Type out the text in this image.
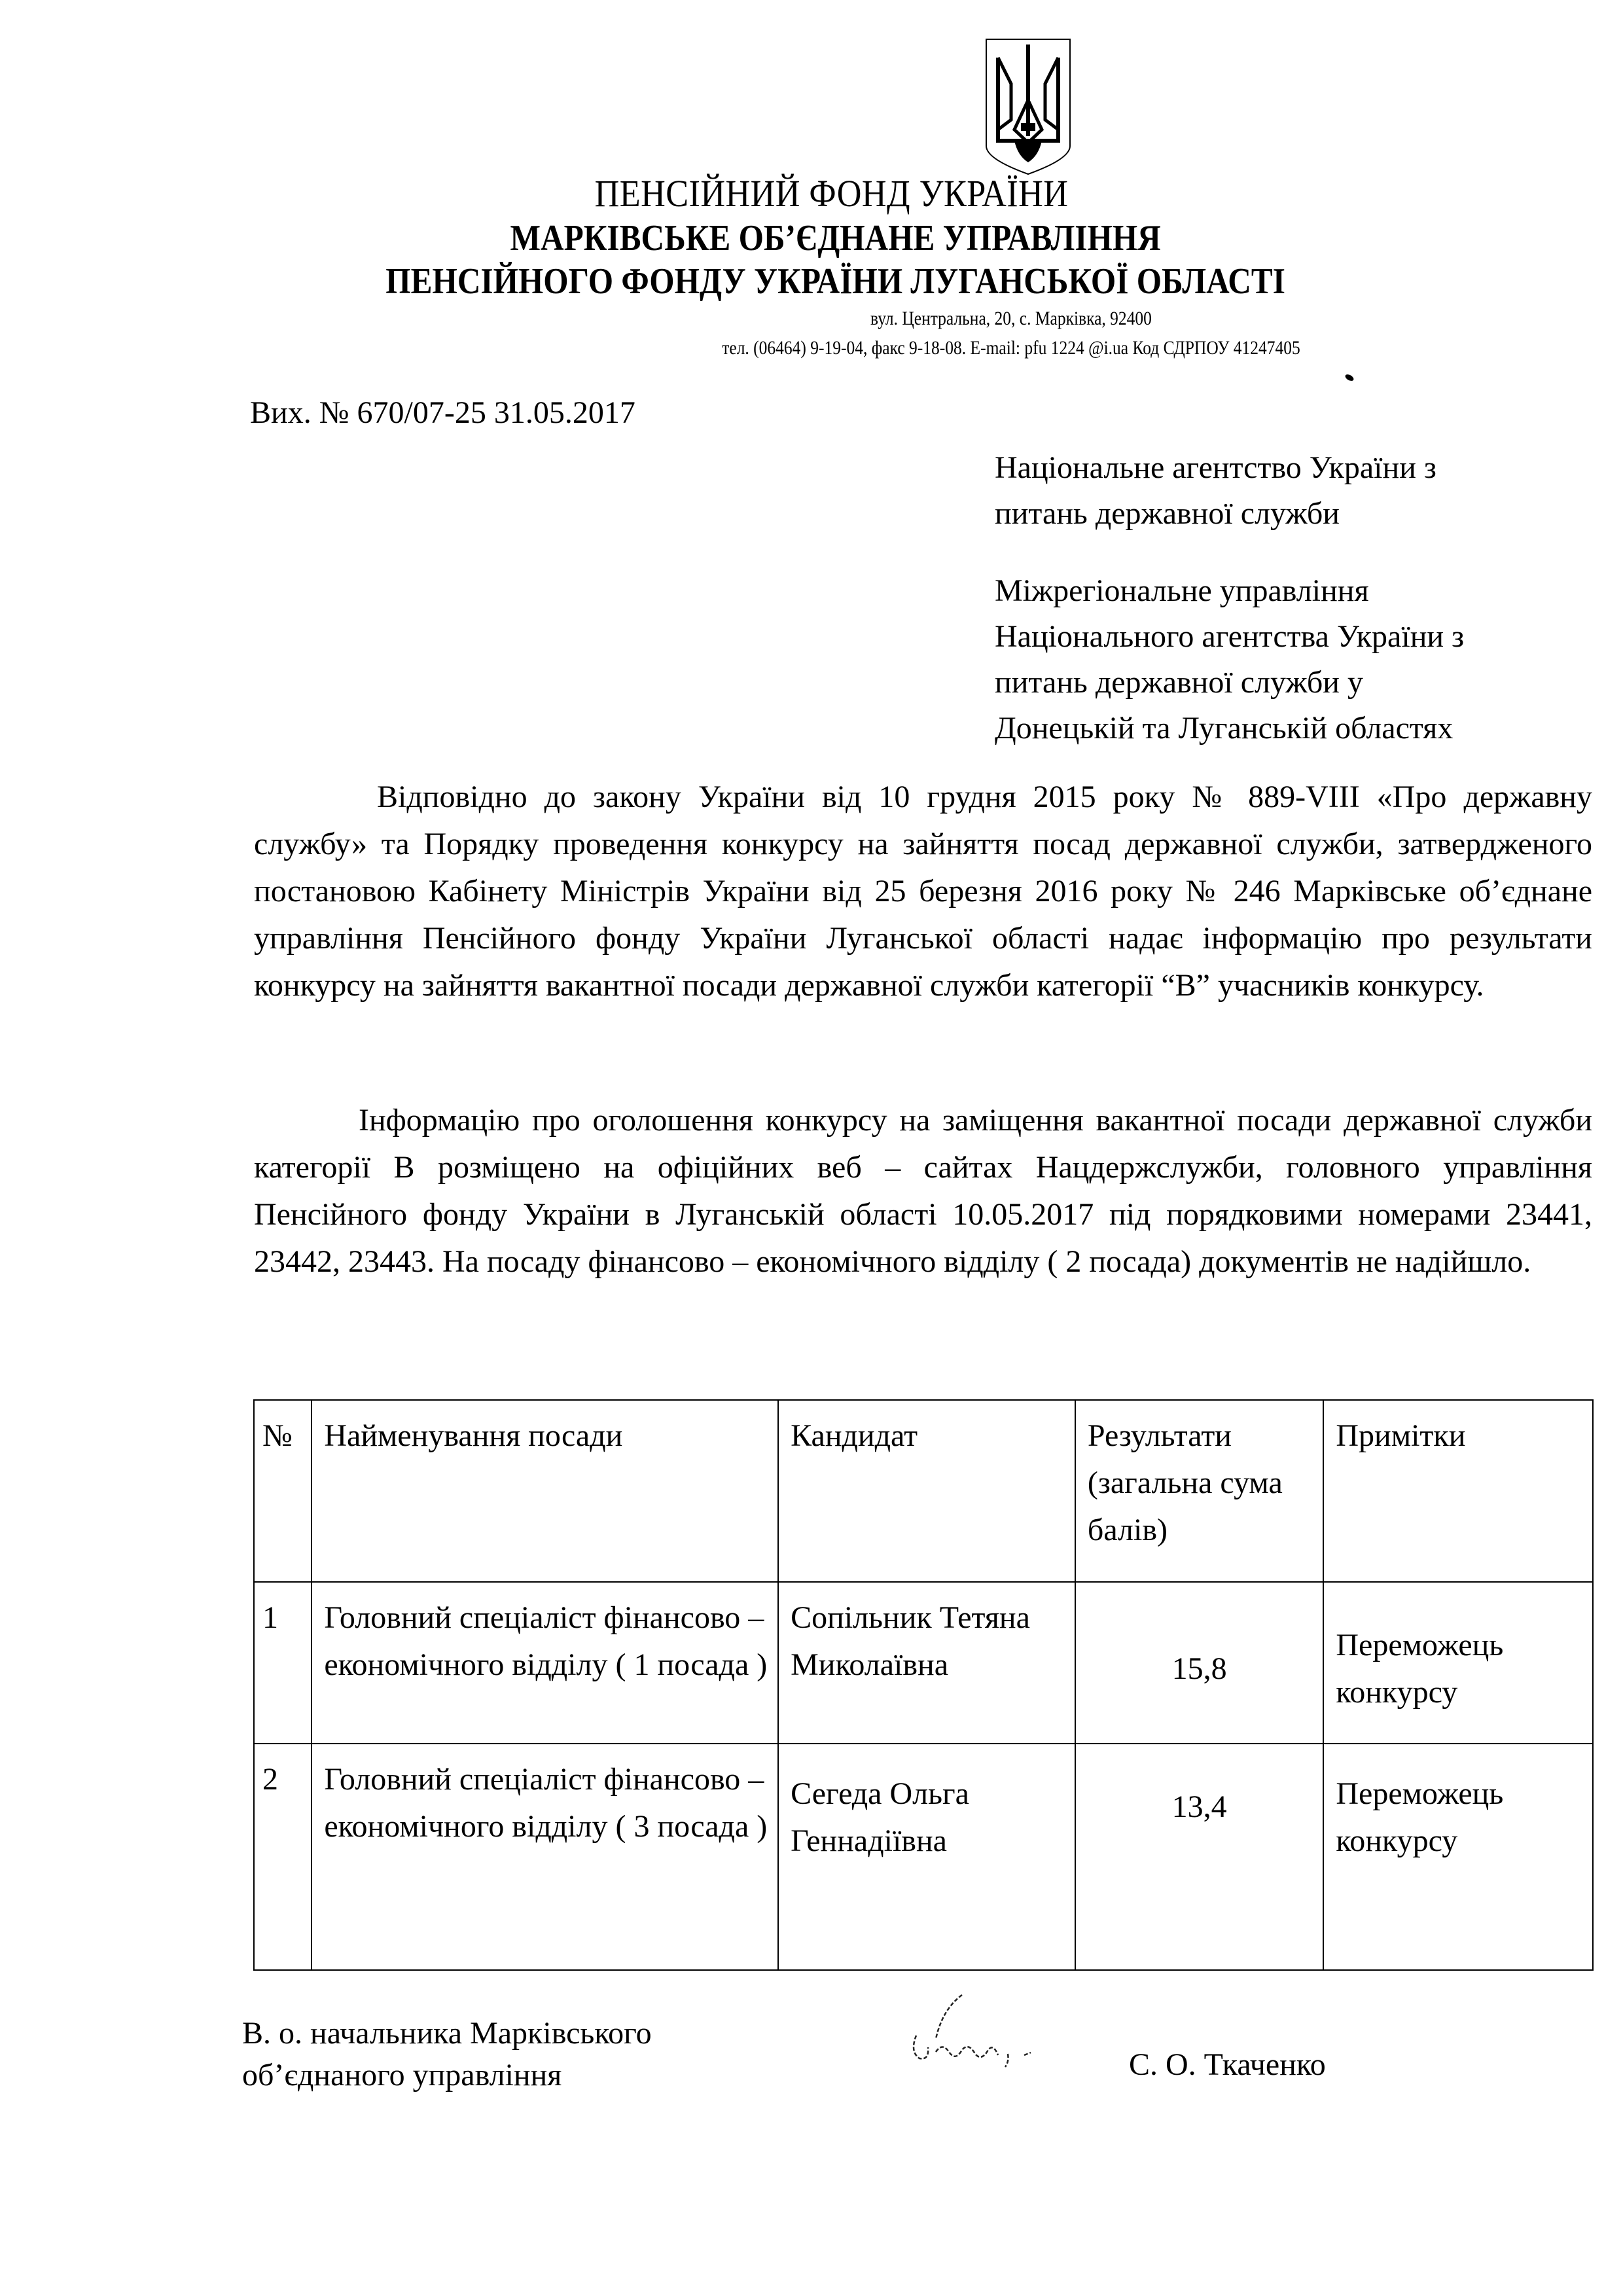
ПЕНСІЙНИЙ ФОНД УКРАЇНИ
МАРКІВСЬКЕ ОБ’ЄДНАНЕ УПРАВЛІННЯ
ПЕНСІЙНОГО ФОНДУ УКРАЇНИ ЛУГАНСЬКОЇ ОБЛАСТІ
вул. Центральна, 20, с. Марківка, 92400
тел. (06464) 9-19-04, факс 9-18-08. E-mail: pfu 1224 @i.ua Код СДРПОУ 41247405
Вих. № 670/07-25 31.05.2017
Національне агентство України з
питань державної служби
Міжрегіональне управління
Національного агентства України з
питань державної служби у
Донецькій та Луганській областях
Відповідно до закону України від 10 грудня 2015 року № 889-VIII «Про державну службу» та Порядку проведення конкурсу на зайняття посад державної служби, затвердженого постановою Кабінету Міністрів України від 25 березня 2016 року № 246 Марківське об’єднане управління Пенсійного фонду України Луганської області надає інформацію про результати конкурсу на зайняття вакантної посади державної служби категорії “В” учасників конкурсу.
Інформацію про оголошення конкурсу на заміщення вакантної посади державної служби категорії В розміщено на офіційних веб – сайтах Нацдержслужби, головного управління Пенсійного фонду України в Луганській області 10.05.2017 під порядковими номерами 23441, 23442, 23443. На посаду фінансово – економічного відділу ( 2 посада) документів не надійшло.
№	Найменування посади	Кандидат	Результати (загальна сума балів)	Примітки
1	Головний спеціаліст фінансово – економічного відділу ( 1 посада )	Сопільник Тетяна Миколаївна	15,8	Переможець конкурсу
2	Головний спеціаліст фінансово – економічного відділу ( 3 посада )	Сегеда Ольга Геннадіївна	13,4	Переможець конкурсу
В. о. начальника Марківського
об’єднаного управління	С. О. Ткаченко
